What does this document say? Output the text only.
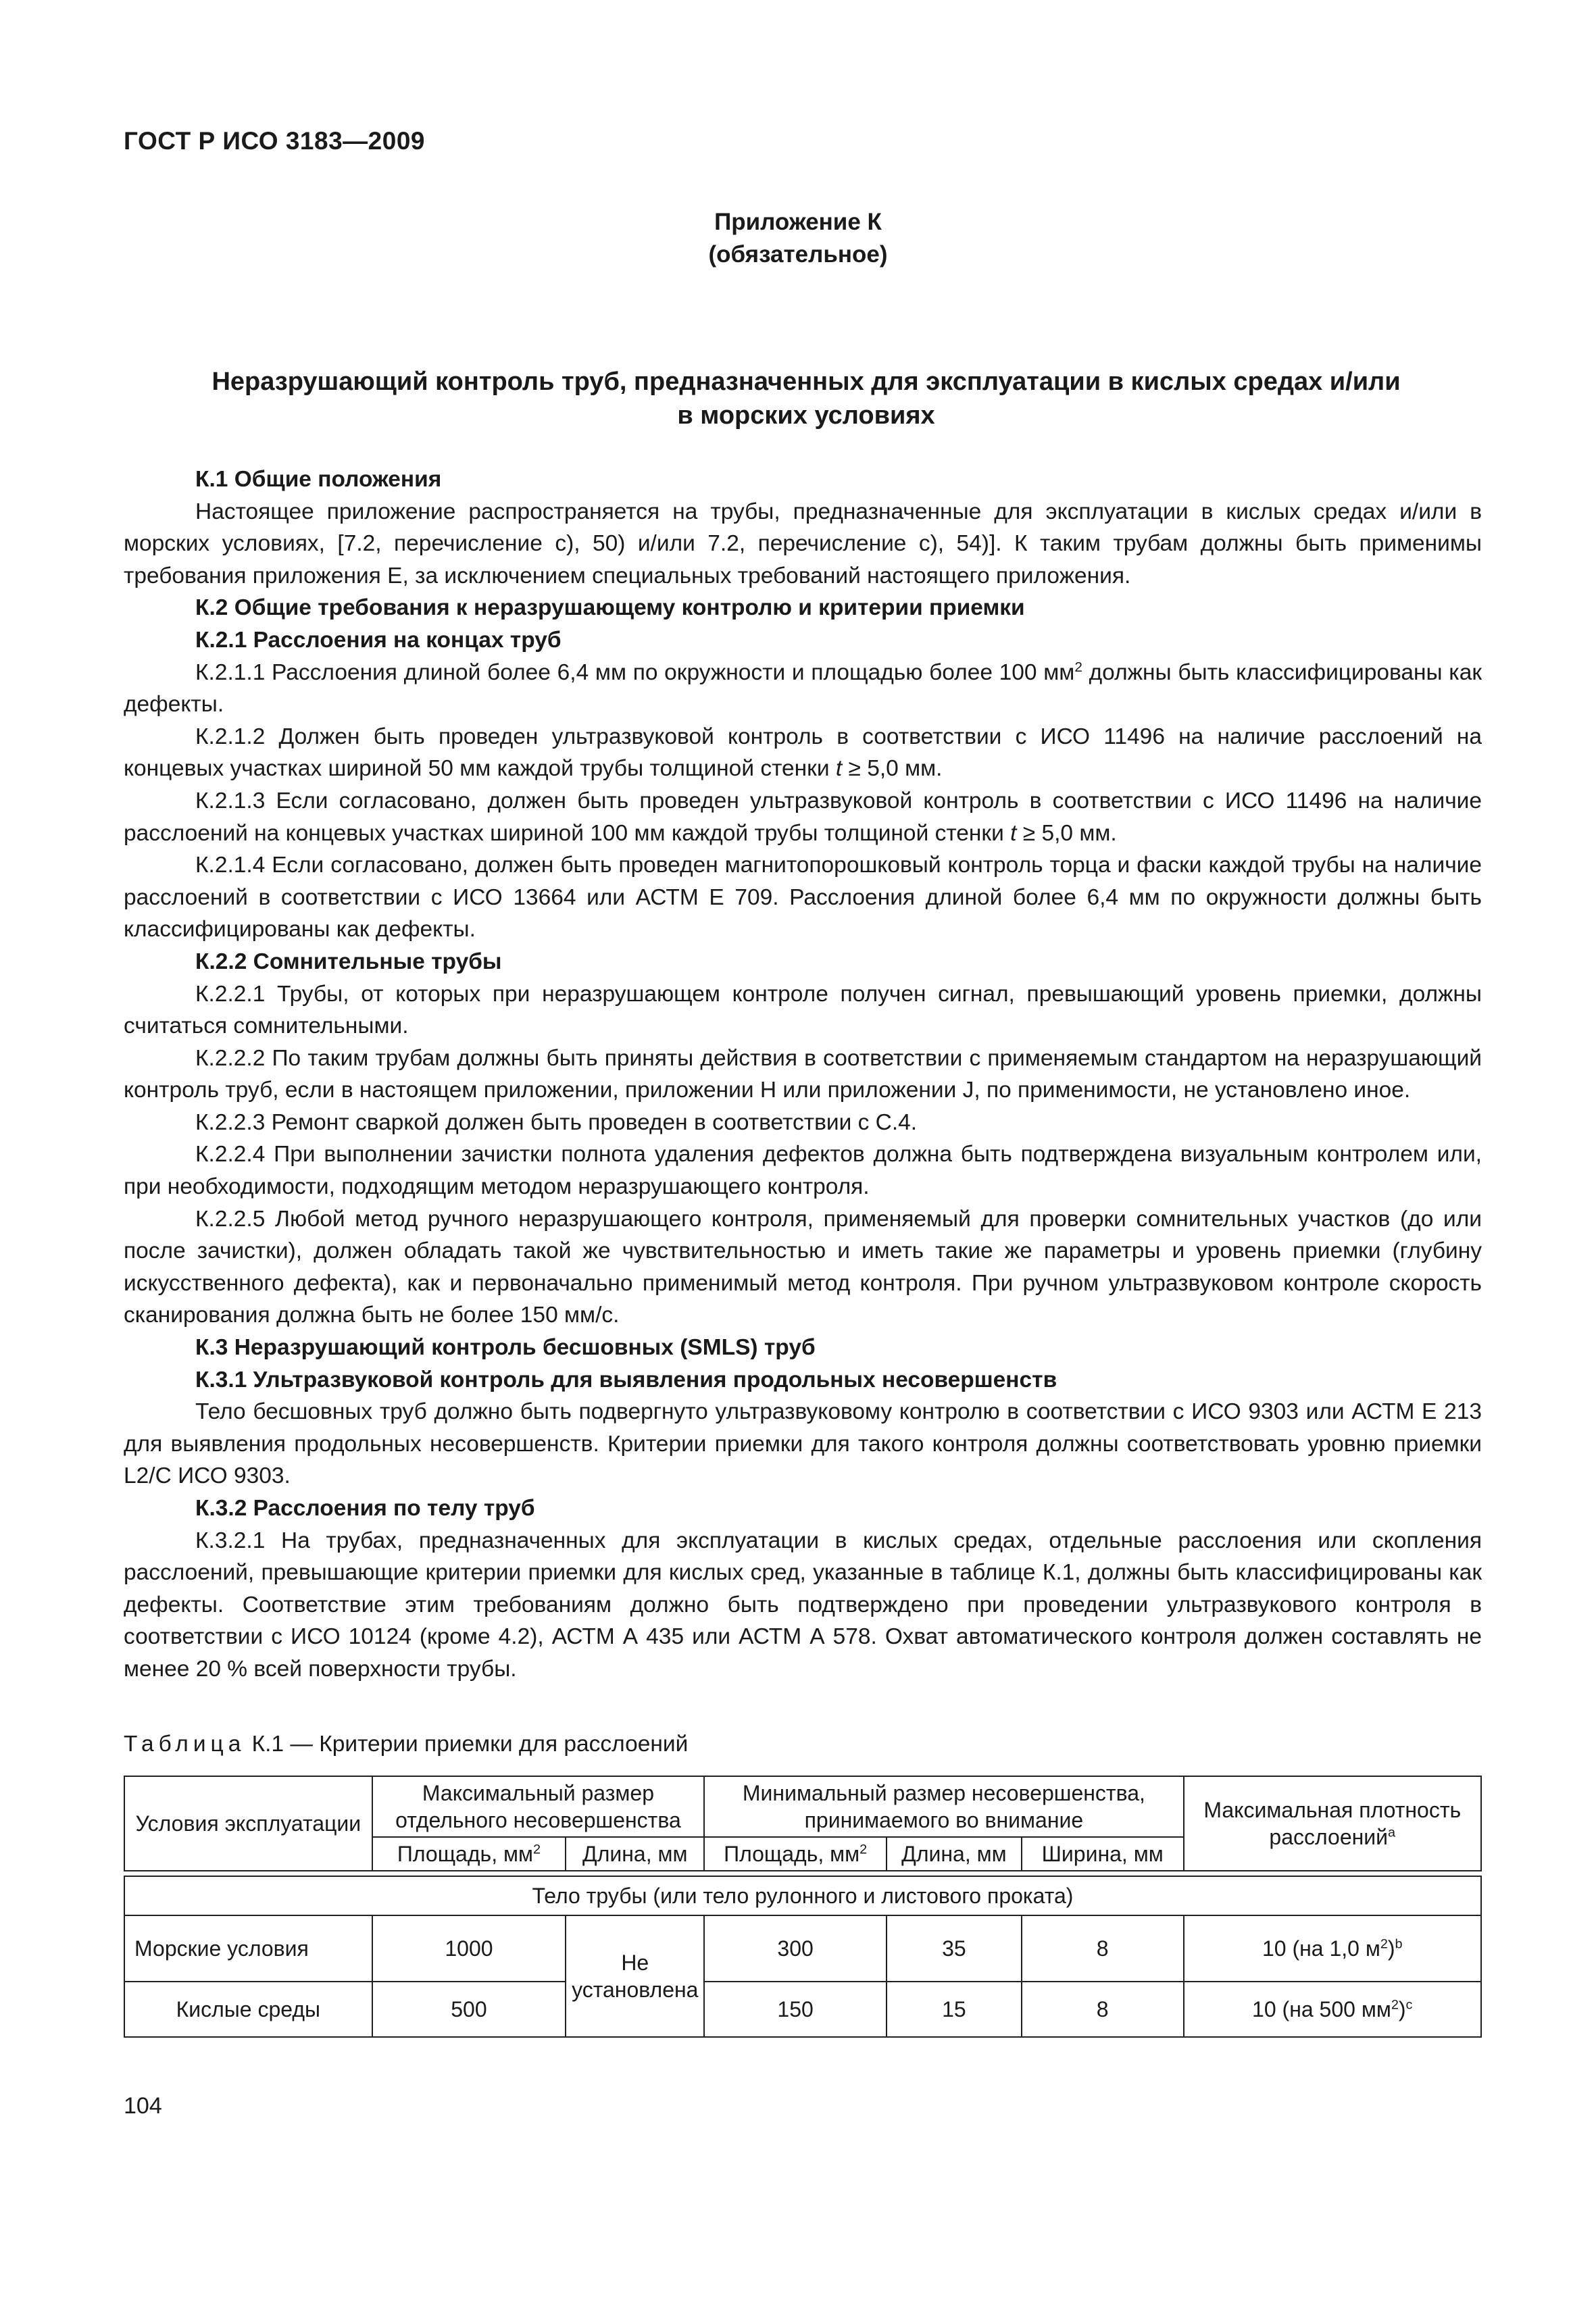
ГОСТ Р ИСО 3183—2009
Приложение К
(обязательное)
Неразрушающий контроль труб, предназначенных для эксплуатации в кислых средах и/или
в морских условиях

К.1 Общие положения

Настоящее приложение распространяется на трубы, предназначенные для эксплуатации в кислых средах и/или в морских условиях, [7.2, перечисление с), 50) и/или 7.2, перечисление с), 54)]. К таким трубам должны быть применимы требования приложения Е, за исключением специальных требований настоящего приложения.

К.2 Общие требования к неразрушающему контролю и критерии приемки

К.2.1 Расслоения на концах труб

К.2.1.1 Расслоения длиной более 6,4 мм по окружности и площадью более 100 $мм^2$ должны быть классифицированы как дефекты.

К.2.1.2 Должен быть проведен ультразвуковой контроль в соответствии с ИСО 11496 на наличие расслоений на концевых участках шириной 50 мм каждой трубы толщиной стенки t ≥ 5,0 мм.

К.2.1.3 Если согласовано, должен быть проведен ультразвуковой контроль в соответствии с ИСО 11496 на наличие расслоений на концевых участках шириной 100 мм каждой трубы толщиной стенки t ≥ 5,0 мм.

К.2.1.4 Если согласовано, должен быть проведен магнитопорошковый контроль торца и фаски каждой трубы на наличие расслоений в соответствии с ИСО 13664 или АСТМ Е 709. Расслоения длиной более 6,4 мм по окружности должны быть классифицированы как дефекты.

К.2.2 Сомнительные трубы

К.2.2.1 Трубы, от которых при неразрушающем контроле получен сигнал, превышающий уровень приемки, должны считаться сомнительными.

К.2.2.2 По таким трубам должны быть приняты действия в соответствии с применяемым стандартом на неразрушающий контроль труб, если в настоящем приложении, приложении Н или приложении J, по применимости, не установлено иное.

К.2.2.3 Ремонт сваркой должен быть проведен в соответствии с С.4.

К.2.2.4 При выполнении зачистки полнота удаления дефектов должна быть подтверждена визуальным контролем или, при необходимости, подходящим методом неразрушающего контроля.

К.2.2.5 Любой метод ручного неразрушающего контроля, применяемый для проверки сомнительных участков (до или после зачистки), должен обладать такой же чувствительностью и иметь такие же параметры и уровень приемки (глубину искусственного дефекта), как и первоначально применимый метод контроля. При ручном ультразвуковом контроле скорость сканирования должна быть не более 150 мм/с.

К.3 Неразрушающий контроль бесшовных (SMLS) труб

К.3.1 Ультразвуковой контроль для выявления продольных несовершенств

Тело бесшовных труб должно быть подвергнуто ультразвуковому контролю в соответствии с ИСО 9303 или АСТМ Е 213 для выявления продольных несовершенств. Критерии приемки для такого контроля должны соответствовать уровню приемки L2/С ИСО 9303.

К.3.2 Расслоения по телу труб

К.3.2.1 На трубах, предназначенных для эксплуатации в кислых средах, отдельные расслоения или скопления расслоений, превышающие критерии приемки для кислых сред, указанные в таблице К.1, должны быть классифицированы как дефекты. Соответствие этим требованиям должно быть подтверждено при проведении ультразвукового контроля в соответствии с ИСО 10124 (кроме 4.2), АСТМ А 435 или АСТМ А 578. Охват автоматического контроля должен составлять не менее 20 % всей поверхности трубы.

Таблица К.1 — Критерии приемки для расслоений
Условия эксплуатации	Максимальный размер отдельного несовершенства		Минимальный размер несовершенства, принимаемого во внимание			Максимальная плотность расслоений$^a$
	Площадь, $мм^2$	Длина, мм	Площадь, $мм^2$	Длина, мм	Ширина, мм	

Тело трубы (или тело рулонного и листового проката)						
Морские условия	1000	Не установлена	300	35	8	10 (на 1,0 $м^2)^b$
Кислые среды	500		150	15	8	10 (на 500 $мм^2)^с$
104
